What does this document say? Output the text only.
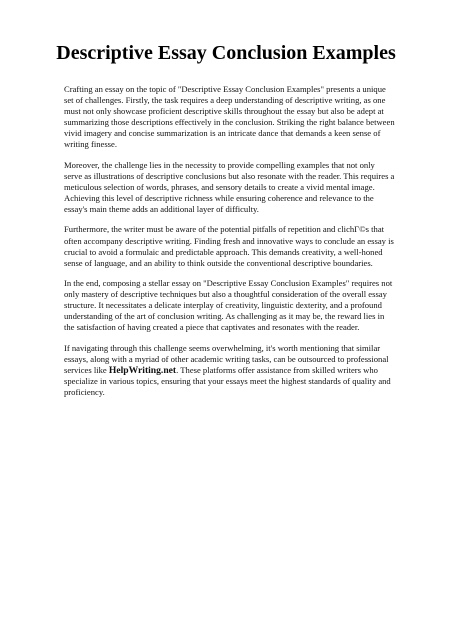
Descriptive Essay Conclusion Examples

Crafting an essay on the topic of "Descriptive Essay Conclusion Examples" presents a unique set of challenges. Firstly, the task requires a deep understanding of descriptive writing, as one must not only showcase proficient descriptive skills throughout the essay but also be adept at summarizing those descriptions effectively in the conclusion. Striking the right balance between vivid imagery and concise summarization is an intricate dance that demands a keen sense of writing finesse.

Moreover, the challenge lies in the necessity to provide compelling examples that not only serve as illustrations of descriptive conclusions but also resonate with the reader. This requires a meticulous selection of words, phrases, and sensory details to create a vivid mental image. Achieving this level of descriptive richness while ensuring coherence and relevance to the essay's main theme adds an additional layer of difficulty.

Furthermore, the writer must be aware of the potential pitfalls of repetition and clichГ©s that often accompany descriptive writing. Finding fresh and innovative ways to conclude an essay is crucial to avoid a formulaic and predictable approach. This demands creativity, a well-honed sense of language, and an ability to think outside the conventional descriptive boundaries.

In the end, composing a stellar essay on "Descriptive Essay Conclusion Examples" requires not only mastery of descriptive techniques but also a thoughtful consideration of the overall essay structure. It necessitates a delicate interplay of creativity, linguistic dexterity, and a profound understanding of the art of conclusion writing. As challenging as it may be, the reward lies in the satisfaction of having created a piece that captivates and resonates with the reader.

If navigating through this challenge seems overwhelming, it's worth mentioning that similar essays, along with a myriad of other academic writing tasks, can be outsourced to professional services like HelpWriting.net. These platforms offer assistance from skilled writers who specialize in various topics, ensuring that your essays meet the highest standards of quality and proficiency.
